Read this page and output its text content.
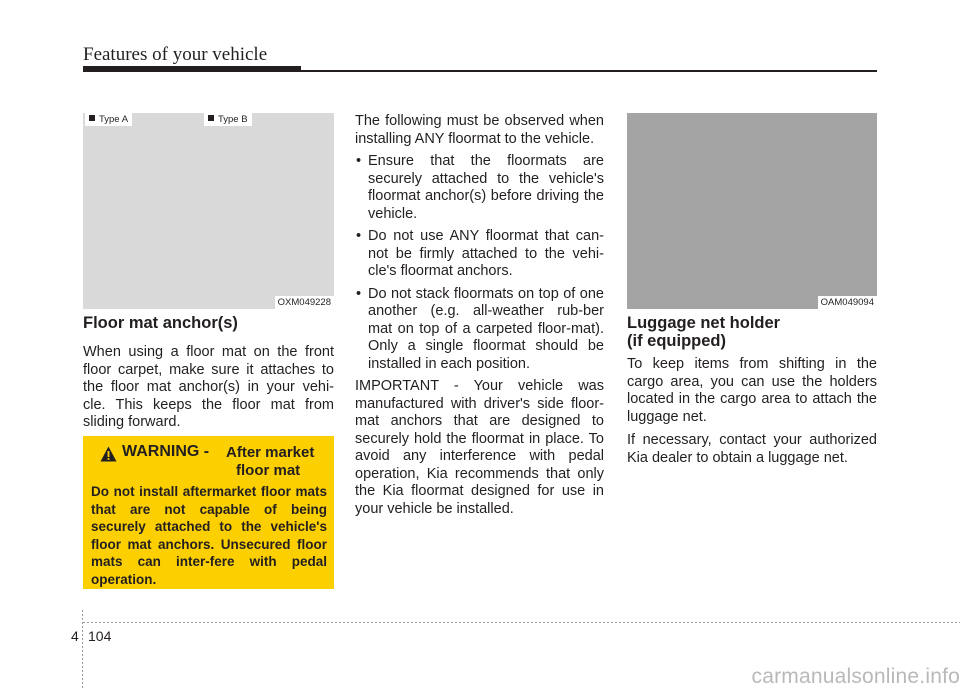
Features of your vehicle
Type A	Type B
OXM049228
Floor mat anchor(s)

When using a floor mat on the front floor carpet, make sure it attaches to the floor mat anchor(s) in your vehi-cle. This keeps the floor mat from sliding forward.

WARNING - After market
floor mat
Do not install aftermarket floor mats that are not capable of being securely attached to the vehicle's floor mat anchors. Unsecured floor mats can inter-fere with pedal operation.

The following must be observed when installing ANY floormat to the vehicle.

• Ensure that the floormats are securely attached to the vehicle's floormat anchor(s) before driving the vehicle.
• Do not use ANY floormat that can-not be firmly attached to the vehi-cle's floormat anchors.
• Do not stack floormats on top of one another (e.g. all-weather rub-ber mat on top of a carpeted floor-mat). Only a single floormat should be installed in each position.

IMPORTANT - Your vehicle was manufactured with driver's side floor-mat anchors that are designed to securely hold the floormat in place. To avoid any interference with pedal operation, Kia recommends that only the Kia floormat designed for use in your vehicle be installed.

OAM049094
Luggage net holder
(if equipped)

To keep items from shifting in the cargo area, you can use the holders located in the cargo area to attach the luggage net.

If necessary, contact your authorized Kia dealer to obtain a luggage net.

4 104
carmanualsonline.info
